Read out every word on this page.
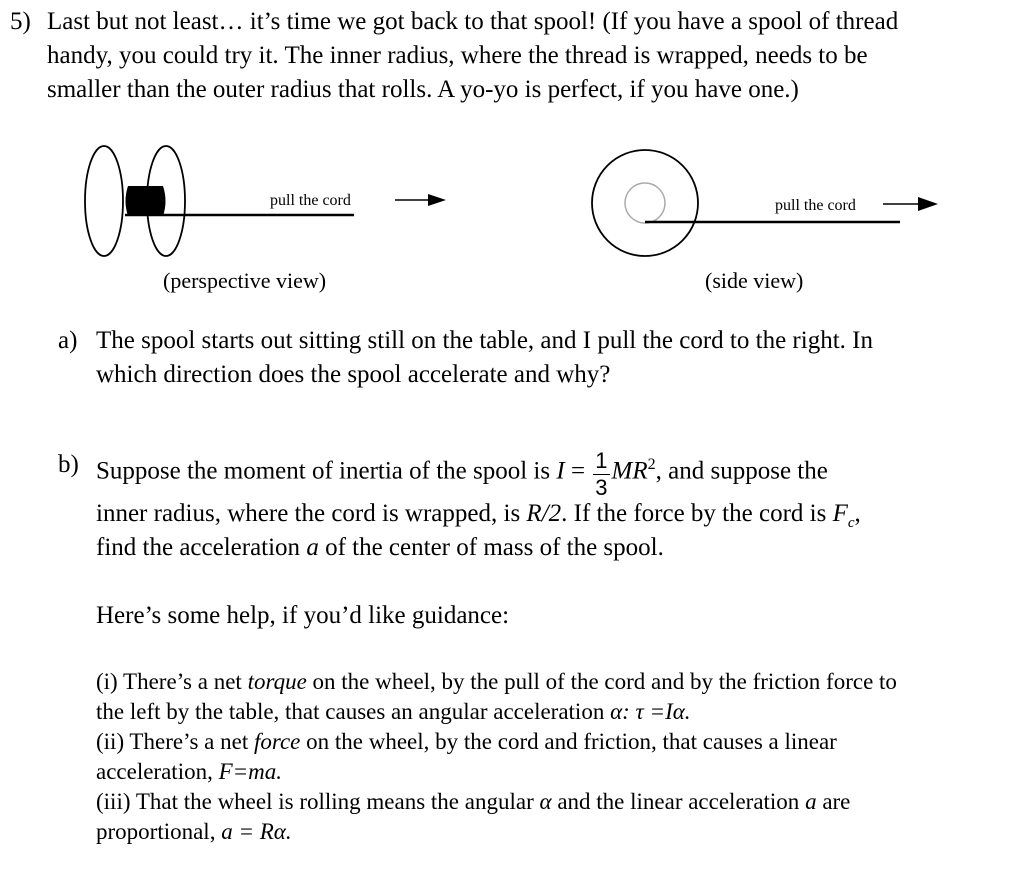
5) Last but not least… it’s time we got back to that spool! (If you have a spool of thread
handy, you could try it. The inner radius, where the thread is wrapped, needs to be
smaller than the outer radius that rolls. A yo-yo is perfect, if you have one.)
pull the cord	pull the cord
(perspective view)	(side view)
a) The spool starts out sitting still on the table, and I pull the cord to the right. In
which direction does the spool accelerate and why?
b) Suppose the moment of inertia of the spool is $I = \frac{1}{3} MR^2$, and suppose the
inner radius, where the cord is wrapped, is R/2. If the force by the cord is $F_c$,
find the acceleration a of the center of mass of the spool.
Here’s some help, if you’d like guidance:
(i) There’s a net torque on the wheel, by the pull of the cord and by the friction force to
the left by the table, that causes an angular acceleration α: τ =Iα.
(ii) There’s a net force on the wheel, by the cord and friction, that causes a linear
acceleration, F=ma.
(iii) That the wheel is rolling means the angular α and the linear acceleration a are
proportional, a = Rα.
